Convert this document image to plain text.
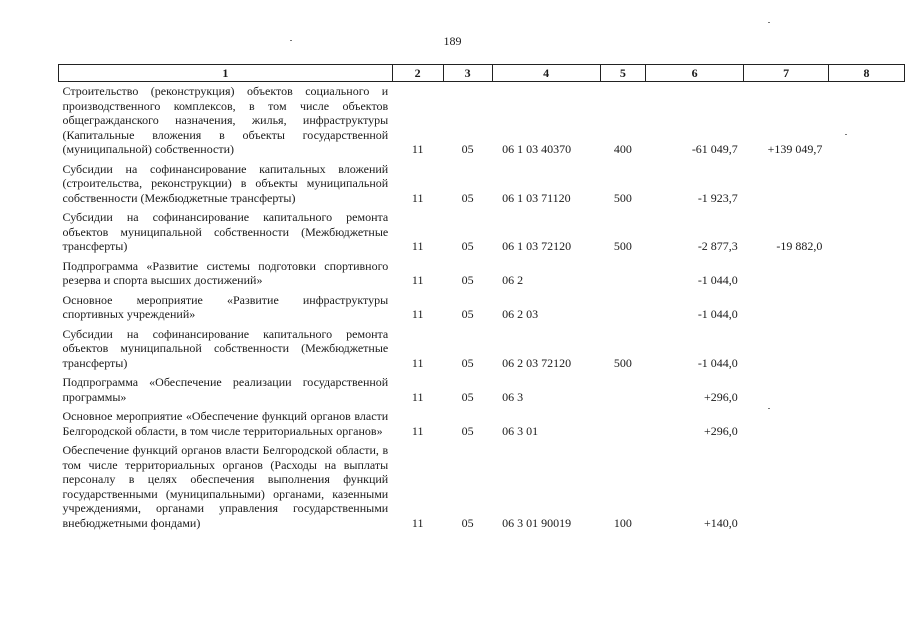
189
1	2	3	4	5	6	7	8
Строительство (реконструкция) объектов социального и производственного комплексов, в том числе объектов общегражданского назначения, жилья, инфраструктуры (Капитальные вложения в объекты государственной (муниципальной) собственности)	11	05	06 1 03 40370	400	-61 049,7	+139 049,7	
Субсидии на софинансирование капитальных вложений (строительства, реконструкции) в объекты муниципальной собственности (Межбюджетные трансферты)	11	05	06 1 03 71120	500	-1 923,7		
Субсидии на софинансирование капитального ремонта объектов муниципальной собственности (Межбюджетные трансферты)	11	05	06 1 03 72120	500	-2 877,3	-19 882,0	
Подпрограмма «Развитие системы подготовки спортивного резерва и спорта высших достижений»	11	05	06 2		-1 044,0		
Основное мероприятие «Развитие инфраструктуры спортивных учреждений»	11	05	06 2 03		-1 044,0		
Субсидии на софинансирование капитального ремонта объектов муниципальной собственности (Межбюджетные трансферты)	11	05	06 2 03 72120	500	-1 044,0		
Подпрограмма «Обеспечение реализации государственной программы»	11	05	06 3		+296,0		
Основное мероприятие «Обеспечение функций органов власти Белгородской области, в том числе территориальных органов»	11	05	06 3 01		+296,0		
Обеспечение функций органов власти Белгородской области, в том числе территориальных органов (Расходы на выплаты персоналу в целях обеспечения выполнения функций государственными (муниципальными) органами, казенными учреждениями, органами управления государственными внебюджетными фондами)	11	05	06 3 01 90019	100	+140,0		
